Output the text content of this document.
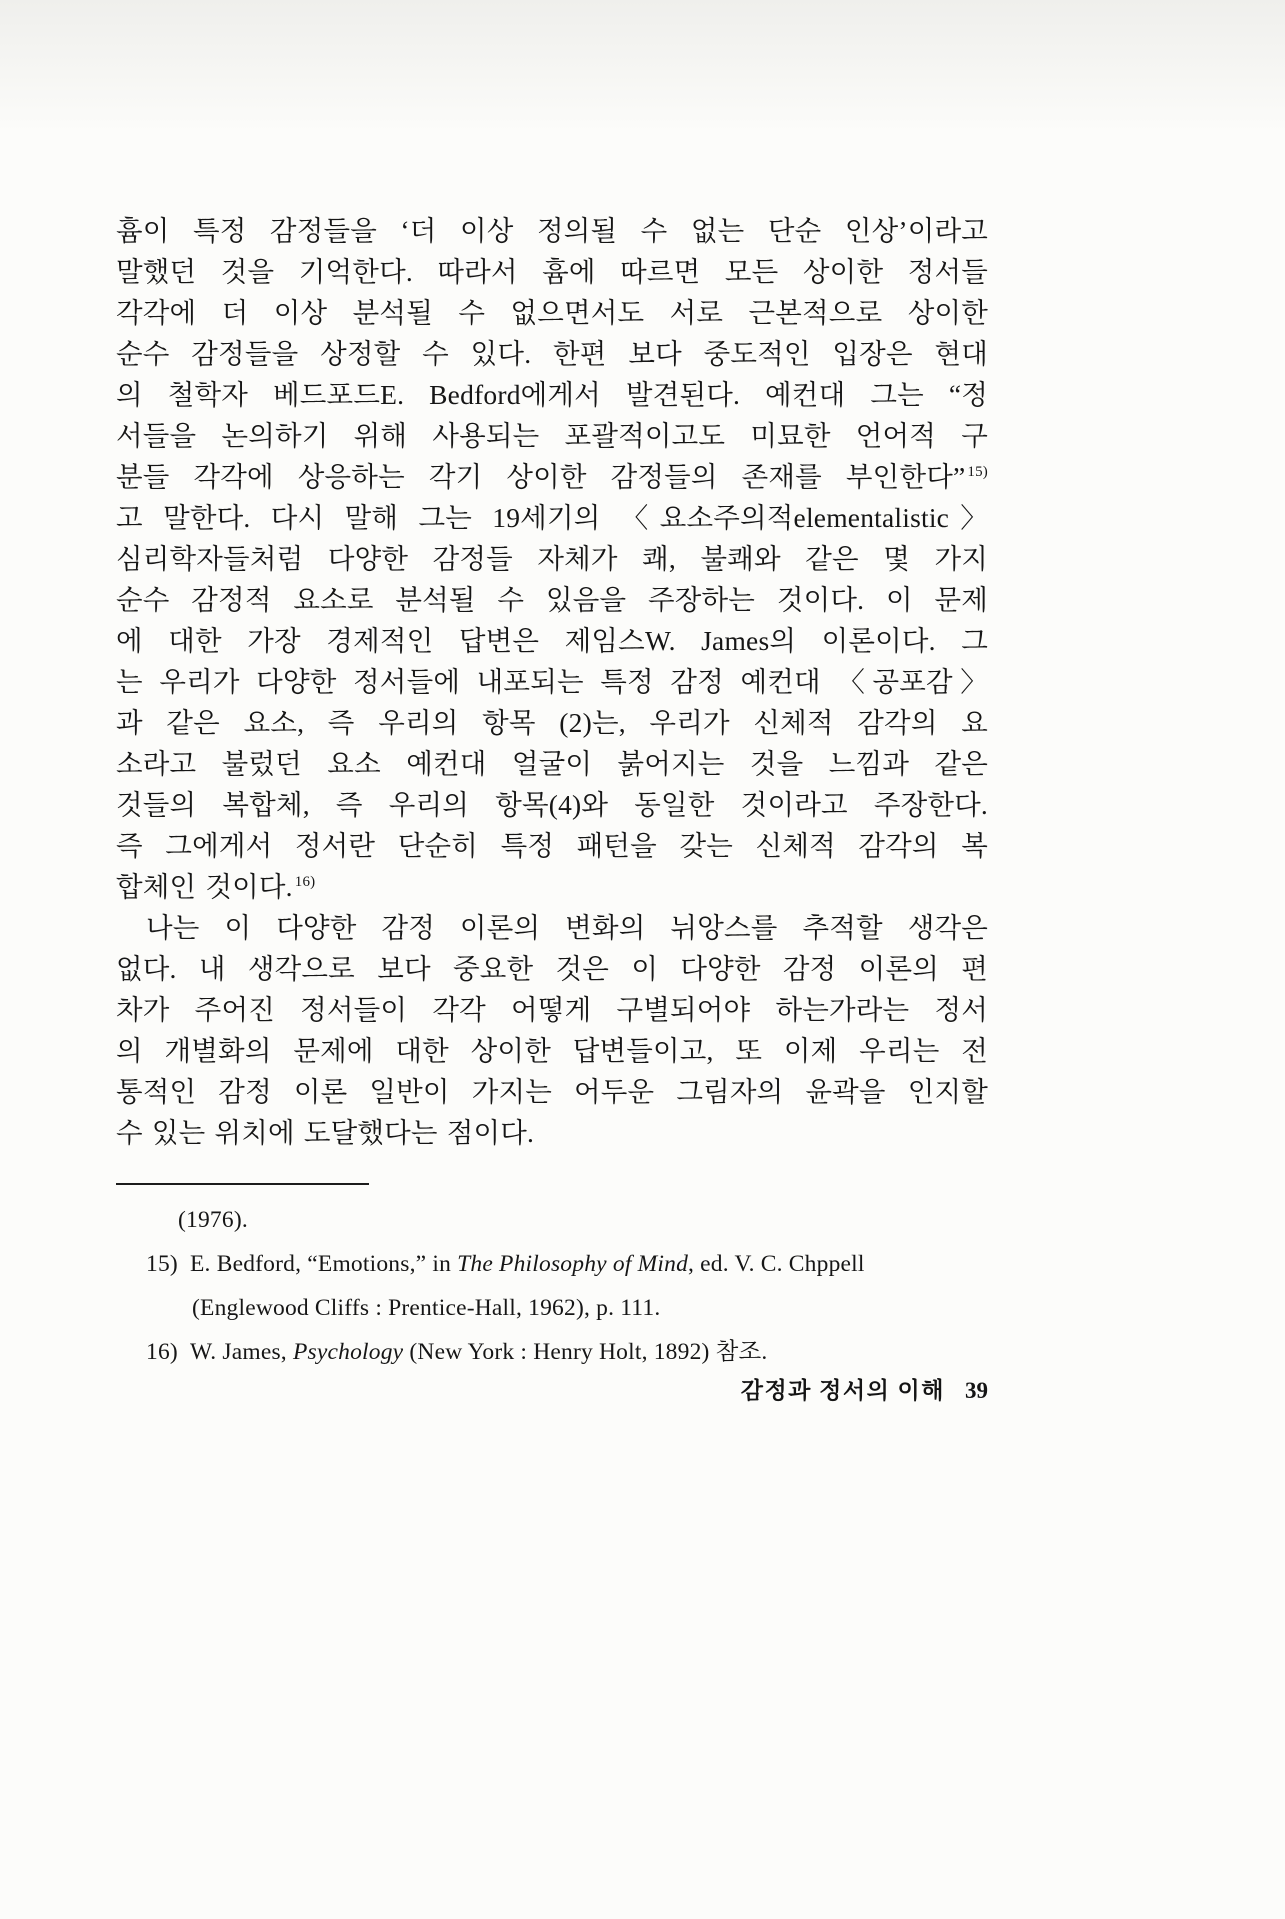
흄이 특정 감정들을 ‘더 이상 정의될 수 없는 단순 인상’이라고
말했던 것을 기억한다. 따라서 흄에 따르면 모든 상이한 정서들
각각에 더 이상 분석될 수 없으면서도 서로 근본적으로 상이한
순수 감정들을 상정할 수 있다. 한편 보다 중도적인 입장은 현대
의 철학자 베드포드E. Bedford에게서 발견된다. 예컨대 그는 “정
서들을 논의하기 위해 사용되는 포괄적이고도 미묘한 언어적 구
분들 각각에 상응하는 각기 상이한 감정들의 존재를 부인한다” $^{15)}$
고 말한다. 다시 말해 그는 19세기의 〈요소주의적elementalistic〉
심리학자들처럼 다양한 감정들 자체가 쾌, 불쾌와 같은 몇 가지
순수 감정적 요소로 분석될 수 있음을 주장하는 것이다. 이 문제
에 대한 가장 경제적인 답변은 제임스W. James의 이론이다. 그
는 우리가 다양한 정서들에 내포되는 특정 감정 예컨대 〈공포감〉
과 같은 요소, 즉 우리의 항목 (2)는, 우리가 신체적 감각의 요
소라고 불렀던 요소 예컨대 얼굴이 붉어지는 것을 느낌과 같은
것들의 복합체, 즉 우리의 항목(4)와 동일한 것이라고 주장한다.
즉 그에게서 정서란 단순히 특정 패턴을 갖는 신체적 감각의 복
합체인 것이다. $^{16)}$
나는 이 다양한 감정 이론의 변화의 뉘앙스를 추적할 생각은
없다. 내 생각으로 보다 중요한 것은 이 다양한 감정 이론의 편
차가 주어진 정서들이 각각 어떻게 구별되어야 하는가라는 정서
의 개별화의 문제에 대한 상이한 답변들이고, 또 이제 우리는 전
통적인 감정 이론 일반이 가지는 어두운 그림자의 윤곽을 인지할
수 있는 위치에 도달했다는 점이다.
(1976).
15) E. Bedford, “Emotions,” in The Philosophy of Mind, ed. V. C. Chppell
(Englewood Cliffs : Prentice-Hall, 1962), p. 111.
16) W. James, Psychology (New York : Henry Holt, 1892) 참조.
감정과 정서의 이해 39
